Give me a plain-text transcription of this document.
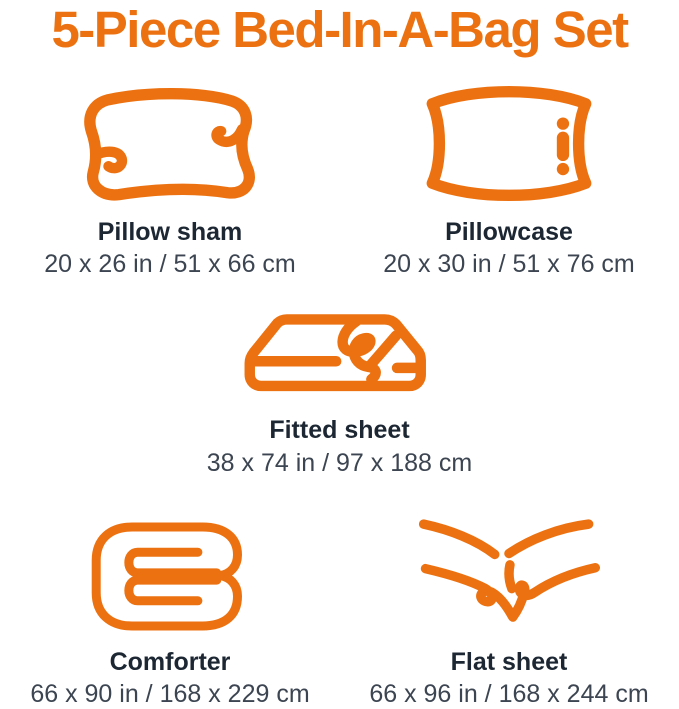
5-Piece Bed-In-A-Bag Set
Pillow sham
20 x 26 in / 51 x 66 cm
Pillowcase
20 x 30 in / 51 x 76 cm
Fitted sheet
38 x 74 in / 97 x 188 cm
Comforter
66 x 90 in / 168 x 229 cm
Flat sheet
66 x 96 in / 168 x 244 cm
